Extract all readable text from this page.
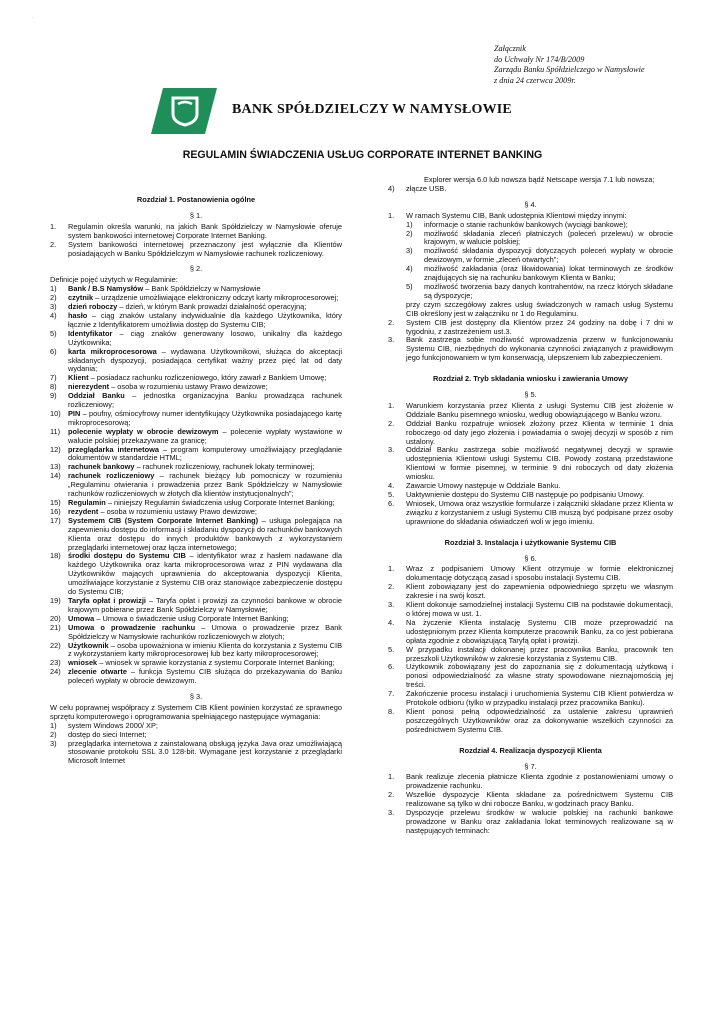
·
Załącznik
do Uchwały Nr 174/B/2009
Zarządu Banku Spółdzielczego w Namysłowie
z dnia 24 czerwca 2009r.
BANK SPÓŁDZIELCZY W NAMYSŁOWIE
REGULAMIN ŚWIADCZENIA USŁUG CORPORATE INTERNET BANKING
Rozdział 1. Postanowienia ogólne
§ 1.
1.	Regulamin określa warunki, na jakich Bank Spółdzielczy w Namysłowie oferuje system bankowości internetowej Corporate Internet Banking.
2.	System bankowości internetowej przeznaczony jest wyłącznie dla Klientów posiadających w Banku Spółdzielczym w Namysłowie rachunek rozliczeniowy.
§ 2.
Definicje pojęć użytych w Regulaminie:
1)	Bank / B.S Namysłów – Bank Spółdzielczy w Namysłowie
2)	czytnik – urządzenie umożliwiające elektroniczny odczyt karty mikroprocesorowej;
3)	dzień roboczy – dzień, w którym Bank prowadzi działalność operacyjną;
4)	hasło – ciąg znaków ustalany indywidualnie dla każdego Użytkownika, który łącznie z Identyfikatorem umożliwia dostęp do Systemu CIB;
5)	Identyfikator – ciąg znaków generowany losowo, unikalny dla każdego Użytkownika;
6)	karta mikroprocesorowa – wydawana Użytkownikowi, służąca do akceptacji składanych dyspozycji, posiadająca certyfikat ważny przez pięć lat od daty wydania;
7)	Klient – posiadacz rachunku rozliczeniowego, który zawarł z Bankiem Umowę;
8)	nierezydent – osoba w rozumieniu ustawy Prawo dewizowe;
9)	Oddział Banku – jednostka organizacyjna Banku prowadząca rachunek rozliczeniowy;
10) PIN – poufny, ośmiocyfrowy numer identyfikujący Użytkownika posiadającego kartę mikroprocesorową;
11)	polecenie wypłaty w obrocie dewizowym – polecenie wypłaty wystawione w walucie polskiej przekazywane za granicę;
12) przeglądarka internetowa – program komputerowy umożliwiający przeglądanie dokumentów w standardzie HTML;
13) rachunek bankowy – rachunek rozliczeniowy, rachunek lokaty terminowej;
14) rachunek rozliczeniowy – rachunek bieżący lub pomocniczy w rozumieniu „Regulaminu otwierania i prowadzenia przez Bank Spółdzielczy w Namysłowie rachunków rozliczeniowych w złotych dla klientów instytucjonalnych”;
15) Regulamin – niniejszy Regulamin świadczenia usług Corporate Internet Banking;
16) rezydent – osoba w rozumieniu ustawy Prawo dewizowe;
17) Systemem CIB (System Corporate Internet Banking) – usługa polegająca na zapewnieniu dostępu do informacji i składaniu dyspozycji do rachunków bankowych Klienta oraz dostępu do innych produktów bankowych z wykorzystaniem przeglądarki internetowej oraz łącza internetowego;
18) środki dostępu do Systemu CIB – identyfikator wraz z hasłem nadawane dla każdego Użytkownika oraz karta mikroprocesorowa wraz z PIN wydawana dla Użytkowników mających uprawnienia do akceptowania dyspozycji Klienta, umożliwiające korzystanie z Systemu CIB oraz stanowiące zabezpieczenie dostępu do Systemu CIB;
19) Taryfa opłat i prowizji – Taryfa opłat i prowizji za czynności bankowe w obrocie krajowym pobierane przez Bank Spółdzielczy w Namysłowie;
20) Umowa – Umowa o świadczenie usług Corporate Internet Banking;
21) Umowa o prowadzenie rachunku – Umowa o prowadzenie przez Bank Spółdzielczy w Namysłowie rachunków rozliczeniowych w złotych;
22) Użytkownik – osoba upoważniona w imieniu Klienta do korzystania z Systemu CIB z wykorzystaniem karty mikroprocesorowej lub bez karty mikroprocesorowej;
23) wniosek – wniosek w sprawie korzystania z systemu Corporate Internet Banking;
24) zlecenie otwarte – funkcja Systemu CIB służąca do przekazywania do Banku poleceń wypłaty w obrocie dewizowym.
§ 3.
W celu poprawnej współpracy z Systemem CIB Klient powinien korzystać ze sprawnego sprzętu komputerowego i oprogramowania spełniającego następujące wymagania:
1)	system Windows 2000/ XP;
2)	dostęp do sieci Internet;
3)	przeglądarka internetowa z zainstalowaną obsługą języka Java oraz umożliwiającą stosowanie protokołu SSL 3.0 128-bit. Wymagane jest korzystanie z przeglądarki Microsoft Internet
Explorer wersja 6.0 lub nowsza bądź Netscape wersja 7.1 lub nowsza;
4)	złącze USB.
§ 4.
1.	W ramach Systemu CIB, Bank udostępnia Klientowi między innymi:
1)	informacje o stanie rachunków bankowych (wyciągi bankowe);
2)	możliwość składania zleceń płatniczych (poleceń przelewu) w obrocie krajowym, w walucie polskiej;
3)	możliwość składania dyspozycji dotyczących poleceń wypłaty w obrocie dewizowym, w formie „zleceń otwartych”;
4)	możliwość zakładania (oraz likwidowania) lokat terminowych ze środków znajdujących się na rachunku bankowym Klienta w Banku;
5)	możliwość tworzenia bazy danych kontrahentów, na rzecz których składane są dyspozycje;
przy czym szczegółowy zakres usług świadczonych w ramach usług Systemu CIB określony jest w załączniku nr 1 do Regulaminu.
2.	System CIB jest dostępny dla Klientów przez 24 godziny na dobę i 7 dni w tygodniu, z zastrzeżeniem ust.3.
3.	Bank zastrzega sobie możliwość wprowadzenia przerw w funkcjonowaniu Systemu CIB, niezbędnych do wykonania czynności związanych z prawidłowym jego funkcjonowaniem w tym konserwacją, ulepszeniem lub zabezpieczeniem.
Rozdział 2. Tryb składania wniosku i zawierania Umowy
§ 5.
1.	Warunkiem korzystania przez Klienta z usługi Systemu CIB jest złożenie w Oddziale Banku pisemnego wniosku, według obowiązującego w Banku wzoru.
2.	Oddział Banku rozpatruje wniosek złożony przez Klienta w terminie 1 dnia roboczego od daty jego złożenia i powiadamia o swojej decyzji w sposób z nim ustalony.
3.	Oddział Banku zastrzega sobie możliwość negatywnej decyzji w sprawie udostępnienia Klientowi usługi Systemu CIB. Powody zostaną przedstawione Klientowi w formie pisemnej, w terminie 9 dni roboczych od daty złożenia wniosku.
4.	Zawarcie Umowy następuje w Oddziale Banku.
5.	Uaktywnienie dostępu do Systemu CIB następuje po podpisaniu Umowy.
6.	Wniosek, Umowa oraz wszystkie formularze i załączniki składane przez Klienta w związku z korzystaniem z usługi Systemu CIB muszą być podpisane przez osoby uprawnione do składania oświadczeń woli w jego imieniu.
Rozdział 3. Instalacja i użytkowanie Systemu CIB
§ 6.
1.	Wraz z podpisaniem Umowy Klient otrzymuje w formie elektronicznej dokumentację dotyczącą zasad i sposobu instalacji Systemu CIB.
2.	Klient zobowiązany jest do zapewnienia odpowiedniego sprzętu we własnym zakresie i na swój koszt.
3.	Klient dokonuje samodzielnej instalacji Systemu CIB na podstawie dokumentacji, o której mowa w ust. 1.
4.	Na życzenie Klienta instalację Systemu CIB może przeprowadzić na udostępnionym przez Klienta komputerze pracownik Banku, za co jest pobierana opłata zgodnie z obowiązującą Taryfą opłat i prowizji.
5.	W przypadku instalacji dokonanej przez pracownika Banku, pracownik ten przeszkoli Użytkowników w zakresie korzystania z Systemu CIB.
6.	Użytkownik zobowiązany jest do zapoznania się z dokumentacją użytkową i ponosi odpowiedzialność za własne straty spowodowane nieznajomością jej treści.
7.	Zakończenie procesu instalacji i uruchomienia Systemu CIB Klient potwierdza w Protokole odbioru (tylko w przypadku instalacji przez pracownika Banku).
8.	Klient ponosi pełną odpowiedzialność za ustalenie zakresu uprawnień poszczególnych Użytkowników oraz za dokonywanie wszelkich czynności za pośrednictwem Systemu CIB.
Rozdział 4. Realizacja dyspozycji Klienta
§ 7.
1.	Bank realizuje zlecenia płatnicze Klienta zgodnie z postanowieniami umowy o prowadzenie rachunku.
2.	Wszelkie dyspozycje Klienta składane za pośrednictwem Systemu CIB realizowane są tylko w dni robocze Banku, w godzinach pracy Banku.
3.	Dyspozycje przelewu środków w walucie polskiej na rachunki bankowe prowadzone w Banku oraz zakładania lokat terminowych realizowane są w następujących terminach:
